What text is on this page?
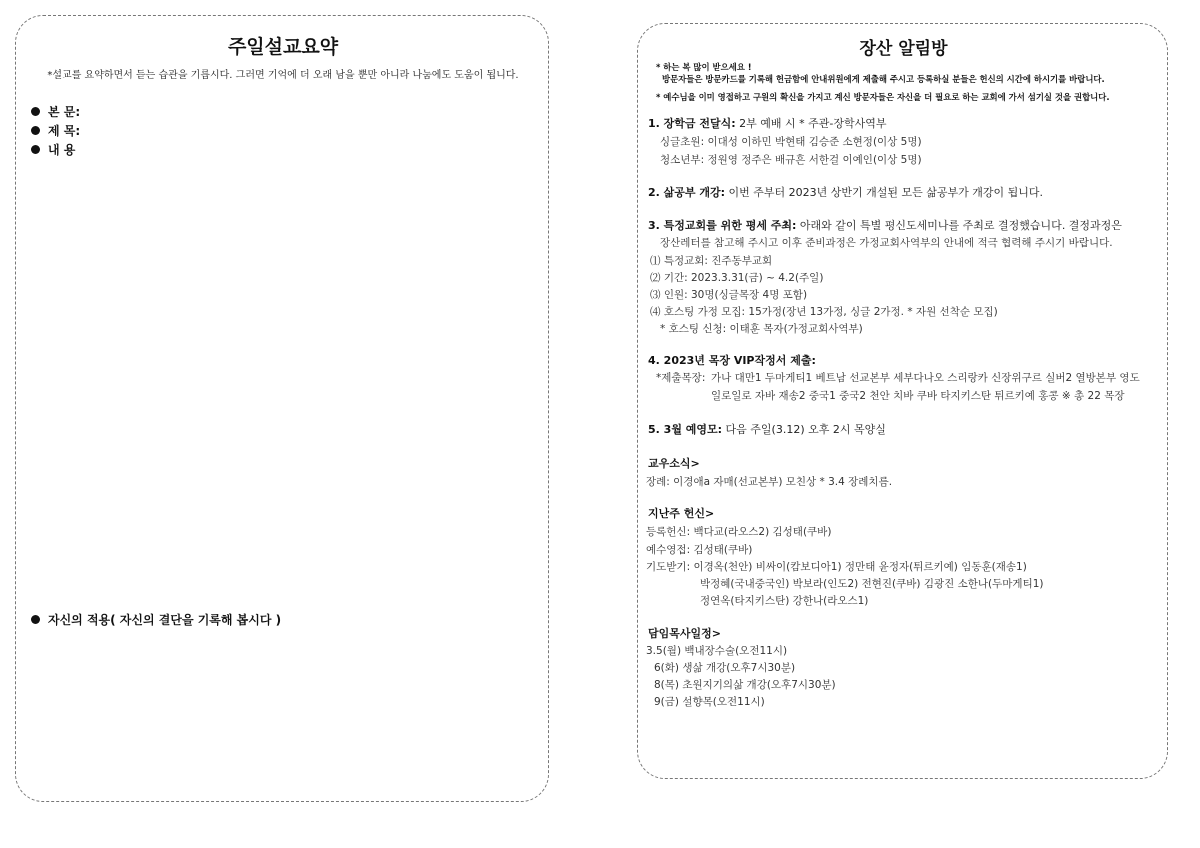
주일설교요약
*설교를 요약하면서 듣는 습관을 기릅시다. 그러면 기억에 더 오래 남을 뿐만 아니라 나눔에도 도움이 됩니다.
본 문:
제 목:
내 용
자신의 적용( 자신의 결단을 기록해 봅시다 )
장산 알림방
* 하는 복 많이 받으세요 !
방문자들은 방문카드를 기록해 헌금함에 안내위원에게 제출해 주시고 등록하실 분들은 헌신의 시간에 하시기를 바랍니다.
* 예수님을 이미 영접하고 구원의 확신을 가지고 계신 방문자들은 자신을 더 필요로 하는 교회에 가서 섬기실 것을 권합니다.
1. 장학금 전달식: 2부 예배 시 * 주관-장학사역부
싱글초원: 이대성 이하민 박현태 김승준 소현정(이상 5명)
청소년부: 정원영 정주은 배규흔 서한걸 이예인(이상 5명)
2. 삶공부 개강: 이번 주부터 2023년 상반기 개설된 모든 삶공부가 개강이 됩니다.
3. 특정교회를 위한 평세 주최: 아래와 같이 특별 평신도세미나를 주최로 결정했습니다. 결정과정은
장산레터를 참고해 주시고 이후 준비과정은 가정교회사역부의 안내에 적극 협력해 주시기 바랍니다.
⑴ 특정교회: 진주동부교회
⑵ 기간: 2023.3.31(금) ~ 4.2(주일)
⑶ 인원: 30명(싱글목장 4명 포함)
⑷ 호스팅 가정 모집: 15가정(장년 13가정, 싱글 2가정. * 자원 선착순 모집)
* 호스팅 신청: 이태훈 목자(가정교회사역부)
4. 2023년 목장 VIP작정서 제출:
*제출목장: 가나 대만1 두마게티1 베트남 선교본부 세부다나오 스리랑카 신장위구르 실버2 열방본부 영도
일로일로 자바 재송2 중국1 중국2 천안 치바 쿠바 타지키스탄 튀르키예 홍콩 ※ 총 22 목장
5. 3월 예영모: 다음 주일(3.12) 오후 2시 목양실
교우소식>
장례: 이경애a 자매(선교본부) 모친상 * 3.4 장례치름.
지난주 헌신>
등록헌신: 백다교(라오스2) 김성태(쿠바)
예수영접: 김성태(쿠바)
기도받기: 이경옥(천안) 비싸이(캄보디아1) 정만태 윤정자(튀르키예) 임동훈(재송1)
박정혜(국내중국인) 박보라(인도2) 전현진(쿠바) 김광진 소한나(두마게티1)
정연옥(타지키스탄) 강한나(라오스1)
담임목사일정>
3.5(월) 백내장수술(오전11시)
6(화) 생삶 개강(오후7시30분)
8(목) 초원지기의삶 개강(오후7시30분)
9(금) 설향목(오전11시)
